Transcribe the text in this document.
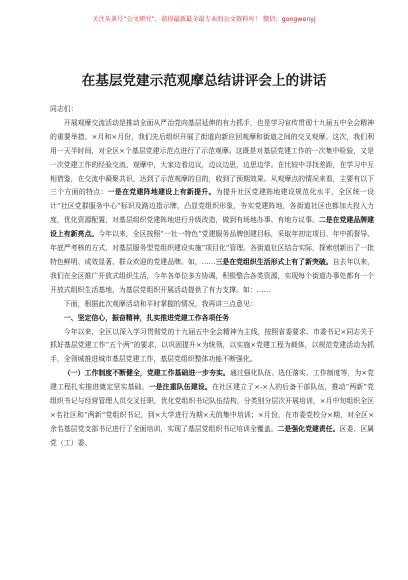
关注头条号“公文研究”，获得最新最全最专业的公文资料库！ 微信：gongwenyj
在基层党建示范观摩总结讲评会上的讲话

同志们：

开展观摩交流活动是推动全面从严治党向基层延伸的有力抓手，也是学习宣传贯彻十九届五中全会精神的重要举措。×月和×月份，我们先后组织开展了街道向新应回观摩和街道之间的交叉观摩。这次，我们利用一天半时间，对全区×个基层党建示范点进行了示范观摩。这既是对基层党建工作的一次集中检验，又是一次党建工作的经验交流、观摩中，大家边看边议，边议边思，边思边学。在比较中寻找差距，在学习中互相借鉴，在交流中凝聚共识，达到了示范观摩的目的，收到了预期效果。从观摩点的情况来看，主要有以下三个方面的特点：一是在党建阵地建设上有新提升。为提升社区党建阵地建设规范化水平，全区统一设计“社区党群服务中心”标识及路边指示牌，凸显党组织形象，夯实党建阵地，各街道社区也都加大投入力度，优化资源配置，对基层组织党建阵地进行升级改造，做到有场地办事、有地方议事。二是在党建品牌建设上有新亮点。今年以来，全区按照“一社一特色”党建服务品牌创建目标，采取年初定项目、年中抓督导、年底严考核的方式，对基层服务型党组织建设实施“项目化”管理。各街道社区结合实际，探索创新出了一批特色鲜明、成效显著、群众欢迎的党建品牌。如，……三是在党组织生活形式上有了新突破。自去年以来，我们在全区推广开放式组织生活，今年各单位多方协调，积极整合各类资源，实现每个街道办事处都有一个开放式组织生活基地，为基层党组织开展活动提供了有力支撑。如：……

下面，根据此次观摩活动和平时掌握的情况，我再讲三点意见：

一、坚定信心，振奋精神，扎实推进党建工作各项任务

今年以来，全区以深入学习贯彻党的十九届五中全会精神为主线，按照省委要求、市委书记×同志关于抓好基层党建工作“五个两”的要求，以巩固提升×为统领，以实施×党建工程为载体，以规范党建活动为抓手，全领城推进城市基层党建工作，基层党组织整体功能不断强化。

（一）工作制度不断健全，党建工作基础进一步夯实。通过强化队伍、选任落实、工作制度等，为×党建工程扎实推进奠定坚实基础。一是注重队伍建设。在社区建立了×-×人的后备干部队伍，推动“两新”党组织书记与经营管理人员交叉任职，优化党组织书记队伍结构，分类别分层次开展培训，×月中旬组织全区×名社区和“两新”党组织书记，到×大学进行为期×天的集中培训；×月份，在市委党校分×期，对全区×余名基层党支部书记进行了全面培训，实现了基层党组织书记培训全覆盖。二是强化党建责任。区委、区属党（工）委、
